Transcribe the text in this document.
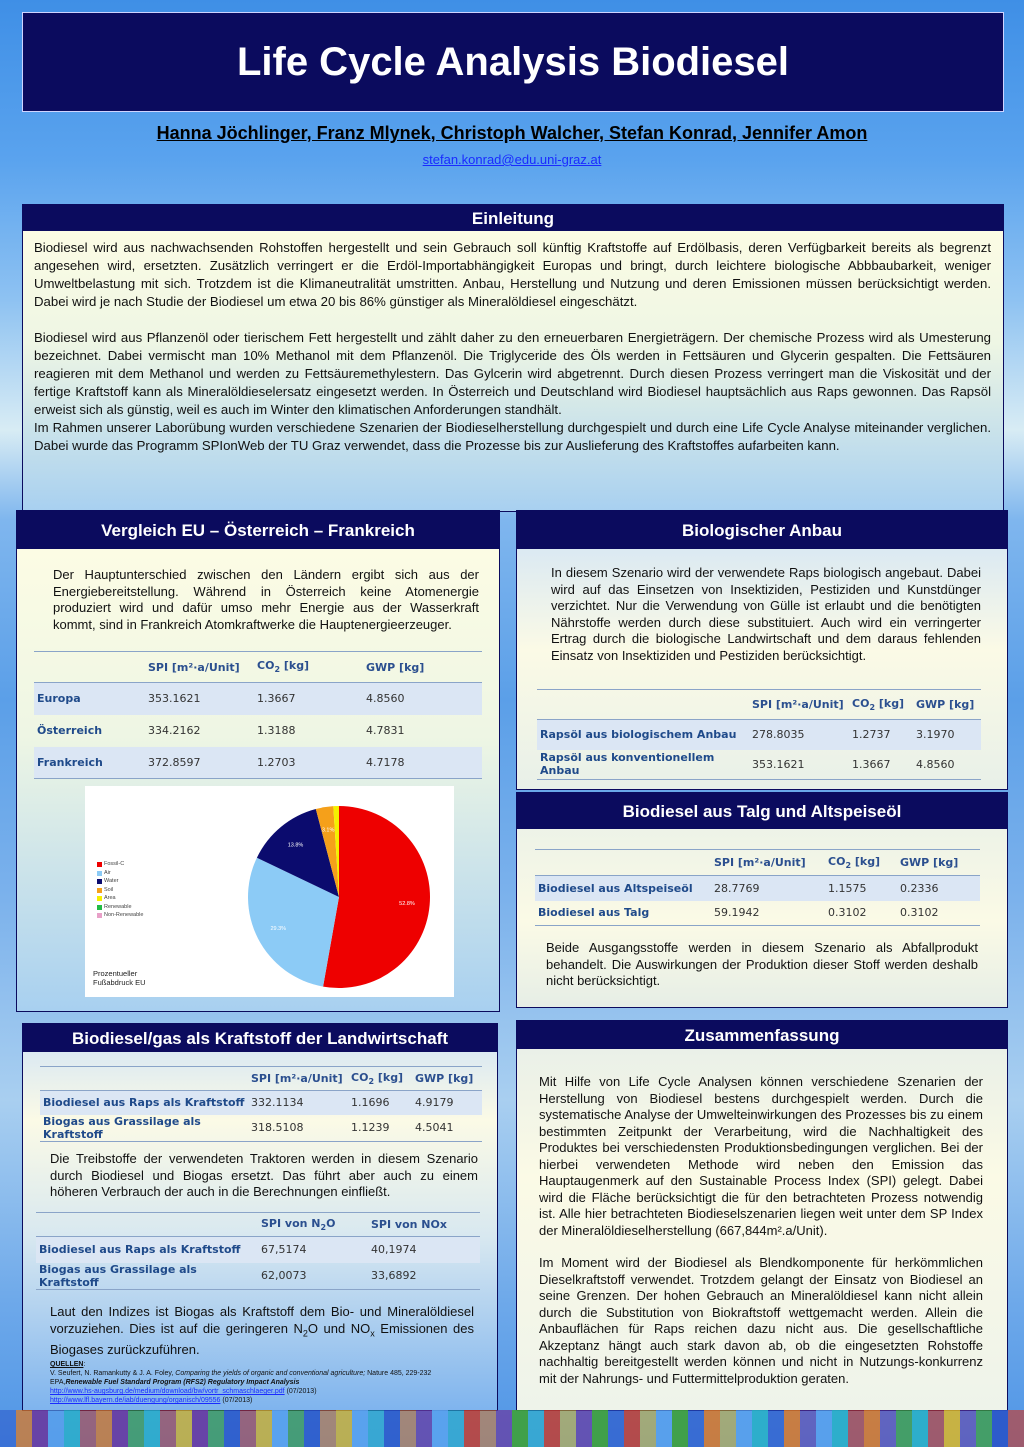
Life Cycle Analysis Biodiesel
Hanna Jöchlinger, Franz Mlynek, Christoph Walcher, Stefan Konrad, Jennifer Amon
stefan.konrad@edu.uni-graz.at
Einleitung

Biodiesel wird aus nachwachsenden Rohstoffen hergestellt und sein Gebrauch soll künftig Kraftstoffe auf Erdölbasis, deren Verfügbarkeit bereits als begrenzt angesehen wird, ersetzten. Zusätzlich verringert er die Erdöl-Importabhängigkeit Europas und bringt, durch leichtere biologische Abbbaubarkeit, weniger Umweltbelastung mit sich. Trotzdem ist die Klimaneutralität umstritten. Anbau, Herstellung und Nutzung und deren Emissionen müssen berücksichtigt werden. Dabei wird je nach Studie der Biodiesel um etwa 20 bis 86% günstiger als Mineralöldiesel eingeschätzt.

Biodiesel wird aus Pflanzenöl oder tierischem Fett hergestellt und zählt daher zu den erneuerbaren Energieträgern. Der chemische Prozess wird als Umesterung bezeichnet. Dabei vermischt man 10% Methanol mit dem Pflanzenöl. Die Triglyceride des Öls werden in Fettsäuren und Glycerin gespalten. Die Fettsäuren reagieren mit dem Methanol und werden zu Fettsäuremethylestern. Das Gylcerin wird abgetrennt. Durch diesen Prozess verringert man die Viskosität und der fertige Kraftstoff kann als Mineralöldieselersatz eingesetzt werden. In Österreich und Deutschland wird Biodiesel hauptsächlich aus Raps gewonnen. Das Rapsöl erweist sich als günstig, weil es auch im Winter den klimatischen Anforderungen standhält.

Im Rahmen unserer Laborübung wurden verschiedene Szenarien der Biodieselherstellung durchgespielt und durch eine Life Cycle Analyse miteinander verglichen. Dabei wurde das Programm SPIonWeb der TU Graz verwendet, dass die Prozesse bis zur Auslieferung des Kraftstoffes aufarbeiten kann.

Vergleich EU – Österreich – Frankreich
Der Hauptunterschied zwischen den Ländern ergibt sich aus der Energiebereitstellung. Während in Österreich keine Atomenergie produziert wird und dafür umso mehr Energie aus der Wasserkraft kommt, sind in Frankreich Atomkraftwerke die Hauptenergieerzeuger.
	SPI [m²·a/Unit]	$CO_2$ [kg]	GWP [kg]
Europa	353.1621	1.3667	4.8560
Österreich	334.2162	1.3188	4.7831
Frankreich	372.8597	1.2703	4.7178
52.8%
29.3%
13.8%
3.1%
Fossil-C
Air
Water
Soil
Area
Renewable
Non-Renewable
Prozentueller
Fußabdruck EU
Biologischer Anbau
In diesem Szenario wird der verwendete Raps biologisch angebaut. Dabei wird auf das Einsetzen von Insektiziden, Pestiziden und Kunstdünger verzichtet. Nur die Verwendung von Gülle ist erlaubt und die benötigten Nährstoffe werden durch diese substituiert. Auch wird ein verringerter Ertrag durch die biologische Landwirtschaft und dem daraus fehlenden Einsatz von Insektiziden und Pestiziden berücksichtigt.
	SPI [m²·a/Unit]	$CO_2$ [kg]	GWP [kg]
Rapsöl aus biologischem Anbau	278.8035	1.2737	3.1970
Rapsöl aus konventionellem Anbau	353.1621	1.3667	4.8560
Biodiesel aus Talg und Altspeiseöl
	SPI [m²·a/Unit]	$CO_2$ [kg]	GWP [kg]
Biodiesel aus Altspeiseöl	28.7769	1.1575	0.2336
Biodiesel aus Talg	59.1942	0.3102	0.3102
Beide Ausgangsstoffe werden in diesem Szenario als Abfallprodukt behandelt. Die Auswirkungen der Produktion dieser Stoff werden deshalb nicht berücksichtigt.
Biodiesel/gas als Kraftstoff der Landwirtschaft
	SPI [m²·a/Unit]	$CO_2$ [kg]	GWP [kg]
Biodiesel aus Raps als Kraftstoff	332.1134	1.1696	4.9179
Biogas aus Grassilage als Kraftstoff	318.5108	1.1239	4.5041
Die Treibstoffe der verwendeten Traktoren werden in diesem Szenario durch Biodiesel und Biogas ersetzt. Das führt aber auch zu einem höheren Verbrauch der auch in die Berechnungen einfließt.
	SPI von $N_2O$	SPI von NOx
Biodiesel aus Raps als Kraftstoff	67,5174	40,1974
Biogas aus Grassilage als Kraftstoff	62,0073	33,6892
Laut den Indizes ist Biogas als Kraftstoff dem Bio- und Mineralöldiesel vorzuziehen. Dies ist auf die geringeren $N_2O$ und $NO_x$ Emissionen des Biogases zurückzuführen.
QUELLEN:
V. Seufert, N. Ramankutty & J. A. Foley, Comparing the yields of organic and conventional agriculture; Nature 485, 229-232
EPA,Renewable Fuel Standard Program (RFS2) Regulatory Impact Analysis
http://www.hs-augsburg.de/medium/download/bw/vortr_schmaschlaeger.pdf (07/2013)
http://www.lfl.bayern.de/iab/duengung/organisch/09556 (07/2013)
Zusammenfassung

Mit Hilfe von Life Cycle Analysen können verschiedene Szenarien der Herstellung von Biodiesel bestens durchgespielt werden. Durch die systematische Analyse der Umwelteinwirkungen des Prozesses bis zu einem bestimmten Zeitpunkt der Verarbeitung, wird die Nachhaltigkeit des Produktes bei verschiedensten Produktionsbedingungen verglichen. Bei der hierbei verwendeten Methode wird neben den Emission das Hauptaugenmerk auf den Sustainable Process Index (SPI) gelegt. Dabei wird die Fläche berücksichtigt die für den betrachteten Prozess notwendig ist. Alle hier betrachteten Biodieselszenarien liegen weit unter dem SP Index der Mineralöldieselherstellung (667,844m².a/Unit).

Im Moment wird der Biodiesel als Blendkomponente für herkömmlichen Dieselkraftstoff verwendet. Trotzdem gelangt der Einsatz von Biodiesel an seine Grenzen. Der hohen Gebrauch an Mineralöldiesel kann nicht allein durch die Substitution von Biokraftstoff wettgemacht werden. Allein die Anbauflächen für Raps reichen dazu nicht aus. Die gesellschaftliche Akzeptanz hängt auch stark davon ab, ob die eingesetzten Rohstoffe nachhaltig bereitgestellt werden können und nicht in Nutzungs-konkurrenz mit der Nahrungs- und Futtermittelproduktion geraten.
